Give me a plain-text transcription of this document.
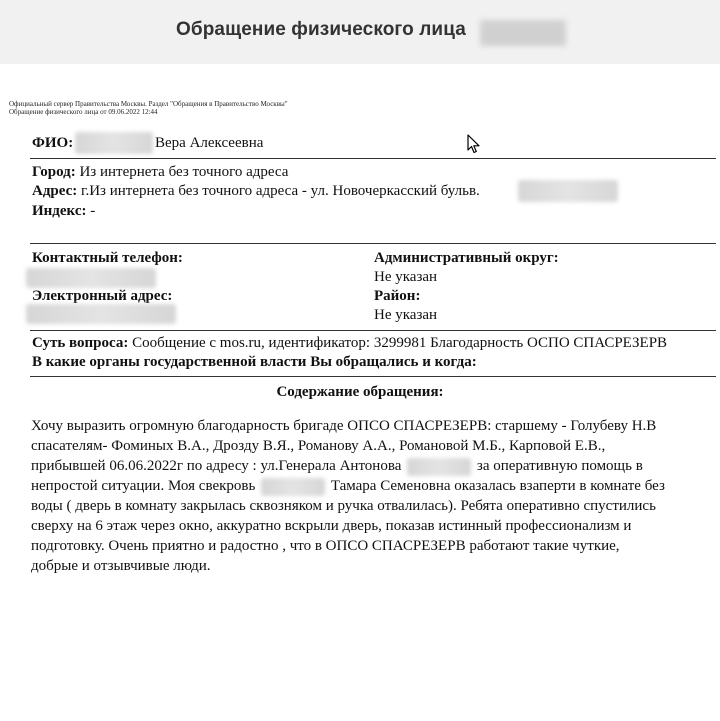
Обращение физического лица
Официальный сервер Правительства Москвы. Раздел "Обращения в Правительство Москвы"
Обращение физического лица от 09.06.2022 12:44
ФИО:	Вера Алексеевна
Город: Из интернета без точного адреса
Адрес: г.Из интернета без точного адреса - ул. Новочеркасский бульв.
Индекс: -
Контактный телефон:
Электронный адрес:
Административный округ:
Не указан
Район:
Не указан
Суть вопроса: Сообщение с mos.ru, идентификатор: 3299981 Благодарность ОСПО СПАСРЕЗЕРВ
В какие органы государственной власти Вы обращались и когда:
Содержание обращения:
Хочу выразить огромную благодарность бригаде ОПСО СПАСРЕЗЕРВ: старшему - Голубеву Н.В
спасателям- Фоминых В.А., Дрозду В.Я., Романову А.А., Романовой М.Б., Карповой Е.В.,
прибывшей 06.06.2022г по адресу : ул.Генерала Антонова	за оперативную помощь в
непростой ситуации. Моя свекровь	Тамара Семеновна оказалась взаперти в комнате без
воды ( дверь в комнату закрылась сквозняком и ручка отвалилась). Ребята оперативно спустились
сверху на 6 этаж через окно, аккуратно вскрыли дверь, показав истинный профессионализм и
подготовку. Очень приятно и радостно , что в ОПСО СПАСРЕЗЕРВ работают такие чуткие,
добрые и отзывчивые люди.
